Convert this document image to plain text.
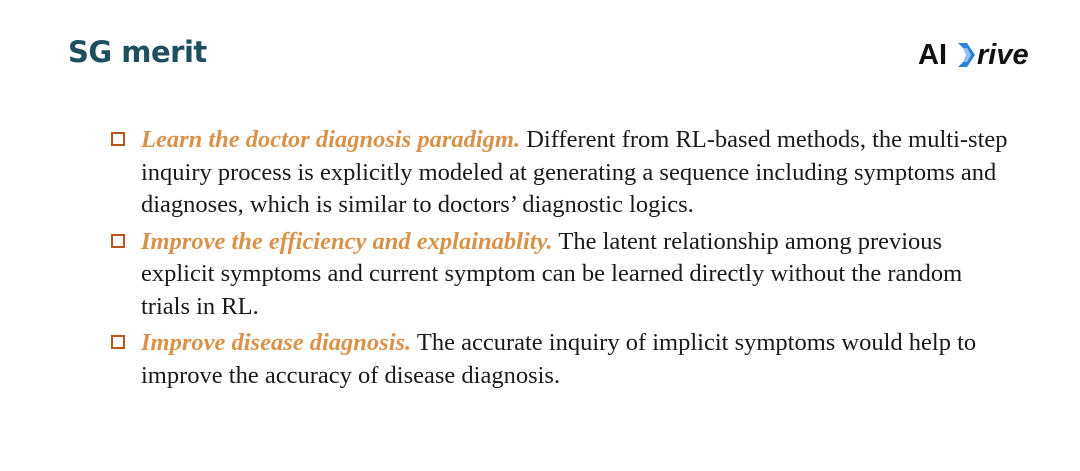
SG merit	AI rive
Learn the doctor diagnosis paradigm. Different from RL-based methods, the multi-step inquiry process is explicitly modeled at generating a sequence including symptoms and diagnoses, which is similar to doctors’ diagnostic logics.
Improve the efficiency and explainablity. The latent relationship among previous explicit symptoms and current symptom can be learned directly without the random trials in RL.
Improve disease diagnosis. The accurate inquiry of implicit symptoms would help to improve the accuracy of disease diagnosis.
